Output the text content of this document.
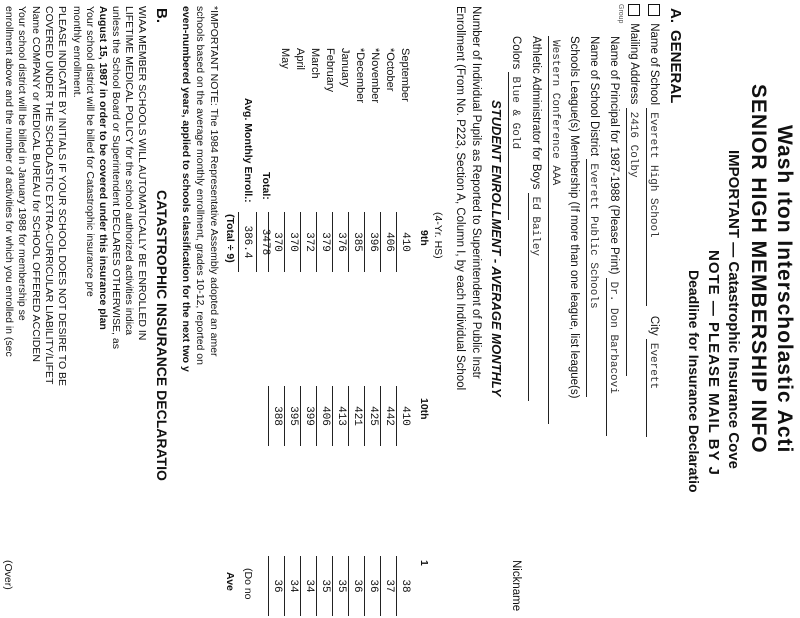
Wash ıton Interscholastic Acti
SENIOR HIGH MEMBERSHIP INFO
IMPORTANT — Catastrophic Insurance Cove
NOTE — PLEASE MAIL BY J
Deadline for Insurance Declaratio
A.
GENERAL
Name of School Everett High School   City Everett
Mailing Address 2416 Colby
Group
Name of Principal for 1987-1988 (Please Print) Dr. Don Barbacovi
Name of School District Everett Public Schools
Schools League(s) Membership (If more than one league, list league(s)
Western Conference AAA
Athletic Administrator for Boys Ed Bailey
Colors Blue & Gold
Nickname
STUDENT ENROLLMENT - AVERAGE MONTHLY
Number of Individual Pupils as Reported to Superintendent of Public Instr
Enrollment (From No. P223, Section A, Column I, by each Individual School
(4-Yr. HS)
9th
10th
1
September
*October
*November
*December
January
February
March
April
May
410
406
396
385
376
379
372
370
370
410
442
425
421
413
406
399
395
388
38
37
36
36
35
35
34
34
36
Total:
3478
Avg. Monthly Enroll.:
386.4
(Total ÷ 9)
(Do no
Ave
*IMPORTANT NOTE: The 1984 Representative Assembly adopted an amer
schools based on the average monthly enrollment, grades 10-12, reported on
even-numbered years, applied to schools classification for the next two y
B.
CATASTROPHIC INSURANCE DECLARATIO
WIAA MEMBER SCHOOLS WILL AUTOMATICALLY BE ENROLLED IN
LIFETIME MEDICAL POLICY for the school authorized activities indica
unless the School Board or Superintendent DECLARES OTHERWISE, as
August 15, 1987 in order to be covered under this insurance plan
Your school district will be billed for Catastrophic insurance pre
monthly enrollment.
PLEASE INDICATE BY INITIALS IF YOUR SCHOOL DOES NOT DESIRE TO BE
COVERED UNDER THE SCHOLASTIC EXTRA-CURRICULAR LIABILITY/LIFET
Name COMPANY or MEDICAL BUREAU for SCHOOL OFFERED ACCIDEN
Your school district will be billed in January 1988 for membership se
enrollment above and the number of activities for which you enrolled in (sec
(Over)
